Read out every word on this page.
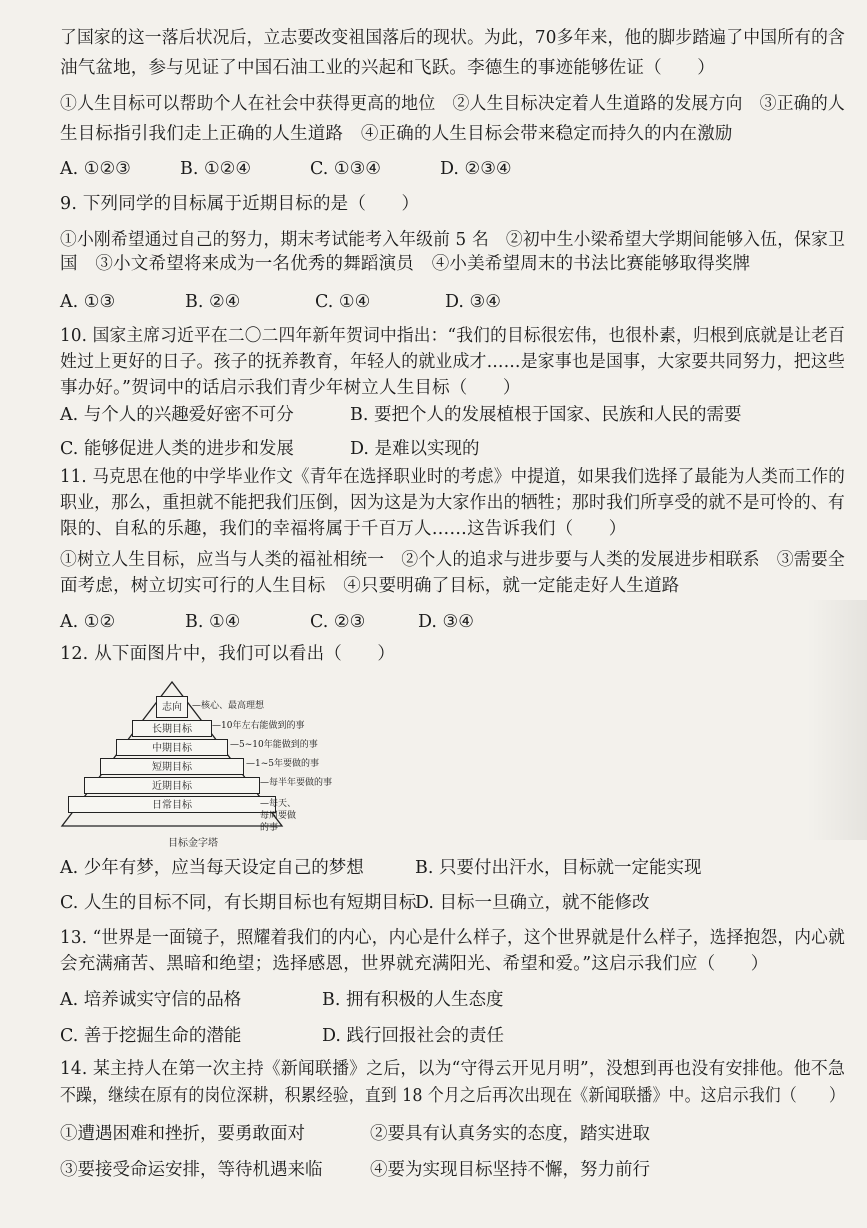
了国家的这一落后状况后，立志要改变祖国落后的现状。为此，70多年来，他的脚步踏遍了中国所有的含
油气盆地，参与见证了中国石油工业的兴起和飞跃。李德生的事迹能够佐证（　　）
①人生目标可以帮助个人在社会中获得更高的地位　②人生目标决定着人生道路的发展方向　③正确的人
生目标指引我们走上正确的人生道路　④正确的人生目标会带来稳定而持久的内在激励
A. ①②③	B. ①②④	C. ①③④	D. ②③④
9. 下列同学的目标属于近期目标的是（　　）
①小刚希望通过自己的努力，期末考试能考入年级前 5 名　②初中生小梁希望大学期间能够入伍，保家卫
国　③小文希望将来成为一名优秀的舞蹈演员　④小美希望周末的书法比赛能够取得奖牌
A. ①③	B. ②④	C. ①④	D. ③④
10. 国家主席习近平在二〇二四年新年贺词中指出：“我们的目标很宏伟，也很朴素，归根到底就是让老百
姓过上更好的日子。孩子的抚养教育，年轻人的就业成才……是家事也是国事，大家要共同努力，把这些
事办好。”贺词中的话启示我们青少年树立人生目标（　　）
A. 与个人的兴趣爱好密不可分	B. 要把个人的发展植根于国家、民族和人民的需要
C. 能够促进人类的进步和发展	D. 是难以实现的
11. 马克思在他的中学毕业作文《青年在选择职业时的考虑》中提道，如果我们选择了最能为人类而工作的
职业，那么，重担就不能把我们压倒，因为这是为大家作出的牺牲；那时我们所享受的就不是可怜的、有
限的、自私的乐趣，我们的幸福将属于千百万人……这告诉我们（　　）
①树立人生目标，应当与人类的福祉相统一　②个人的追求与进步要与人类的发展进步相联系　③需要全
面考虑，树立切实可行的人生目标　④只要明确了目标，就一定能走好人生道路
A. ①②	B. ①④	C. ②③	D. ③④
12. 从下面图片中，我们可以看出（　　）
志向
长期目标
中期目标
短期目标
近期目标
日常目标
—核心、最高理想
—10年左右能做到的事
—5~10年能做到的事
—1~5年要做的事
—每半年要做的事
—每天、每周要做的事
目标金字塔
A. 少年有梦，应当每天设定自己的梦想	B. 只要付出汗水，目标就一定能实现
C. 人生的目标不同，有长期目标也有短期目标
D. 目标一旦确立，就不能修改
13. “世界是一面镜子，照耀着我们的内心，内心是什么样子，这个世界就是什么样子，选择抱怨，内心就
会充满痛苦、黑暗和绝望；选择感恩，世界就充满阳光、希望和爱。”这启示我们应（　　）
A. 培养诚实守信的品格	B. 拥有积极的人生态度
C. 善于挖掘生命的潜能	D. 践行回报社会的责任
14. 某主持人在第一次主持《新闻联播》之后，以为“守得云开见月明”，没想到再也没有安排他。他不急
不躁，继续在原有的岗位深耕，积累经验，直到 18 个月之后再次出现在《新闻联播》中。这启示我们（　　）
①遭遇困难和挫折，要勇敢面对	②要具有认真务实的态度，踏实进取
③要接受命运安排，等待机遇来临	④要为实现目标坚持不懈，努力前行
